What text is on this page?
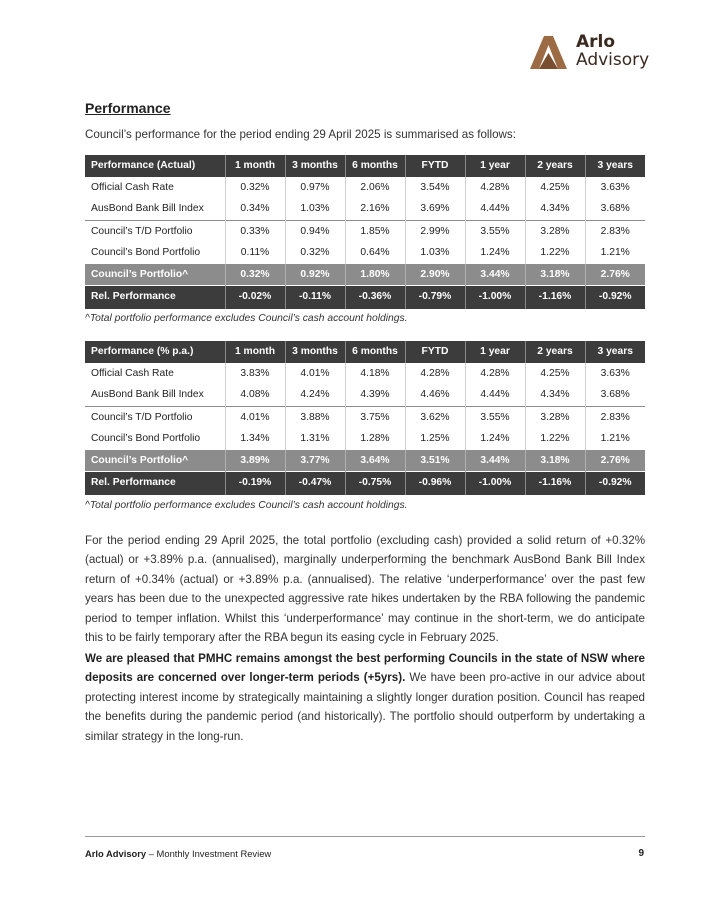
Arlo
Advisory
Performance
Council’s performance for the period ending 29 April 2025 is summarised as follows:
Performance (Actual)	1 month	3 months	6 months	FYTD	1 year	2 years	3 years
Official Cash Rate	0.32%	0.97%	2.06%	3.54%	4.28%	4.25%	3.63%
AusBond Bank Bill Index	0.34%	1.03%	2.16%	3.69%	4.44%	4.34%	3.68%
Council’s T/D Portfolio	0.33%	0.94%	1.85%	2.99%	3.55%	3.28%	2.83%
Council’s Bond Portfolio	0.11%	0.32%	0.64%	1.03%	1.24%	1.22%	1.21%
Council’s Portfolio^	0.32%	0.92%	1.80%	2.90%	3.44%	3.18%	2.76%
Rel. Performance	-0.02%	-0.11%	-0.36%	-0.79%	-1.00%	-1.16%	-0.92%
^Total portfolio performance excludes Council’s cash account holdings.
Performance (% p.a.)	1 month	3 months	6 months	FYTD	1 year	2 years	3 years
Official Cash Rate	3.83%	4.01%	4.18%	4.28%	4.28%	4.25%	3.63%
AusBond Bank Bill Index	4.08%	4.24%	4.39%	4.46%	4.44%	4.34%	3.68%
Council’s T/D Portfolio	4.01%	3.88%	3.75%	3.62%	3.55%	3.28%	2.83%
Council’s Bond Portfolio	1.34%	1.31%	1.28%	1.25%	1.24%	1.22%	1.21%
Council’s Portfolio^	3.89%	3.77%	3.64%	3.51%	3.44%	3.18%	2.76%
Rel. Performance	-0.19%	-0.47%	-0.75%	-0.96%	-1.00%	-1.16%	-0.92%
^Total portfolio performance excludes Council’s cash account holdings.

For the period ending 29 April 2025, the total portfolio (excluding cash) provided a solid return of +0.32% (actual) or +3.89% p.a. (annualised), marginally underperforming the benchmark AusBond Bank Bill Index return of +0.34% (actual) or +3.89% p.a. (annualised). The relative ‘underperformance’ over the past few years has been due to the unexpected aggressive rate hikes undertaken by the RBA following the pandemic period to temper inflation. Whilst this ‘underperformance’ may continue in the short-term, we do anticipate this to be fairly temporary after the RBA begun its easing cycle in February 2025.

We are pleased that PMHC remains amongst the best performing Councils in the state of NSW where deposits are concerned over longer-term periods (+5yrs). We have been pro-active in our advice about protecting interest income by strategically maintaining a slightly longer duration position. Council has reaped the benefits during the pandemic period (and historically). The portfolio should outperform by undertaking a similar strategy in the long-run.

Arlo Advisory – Monthly Investment Review	9
